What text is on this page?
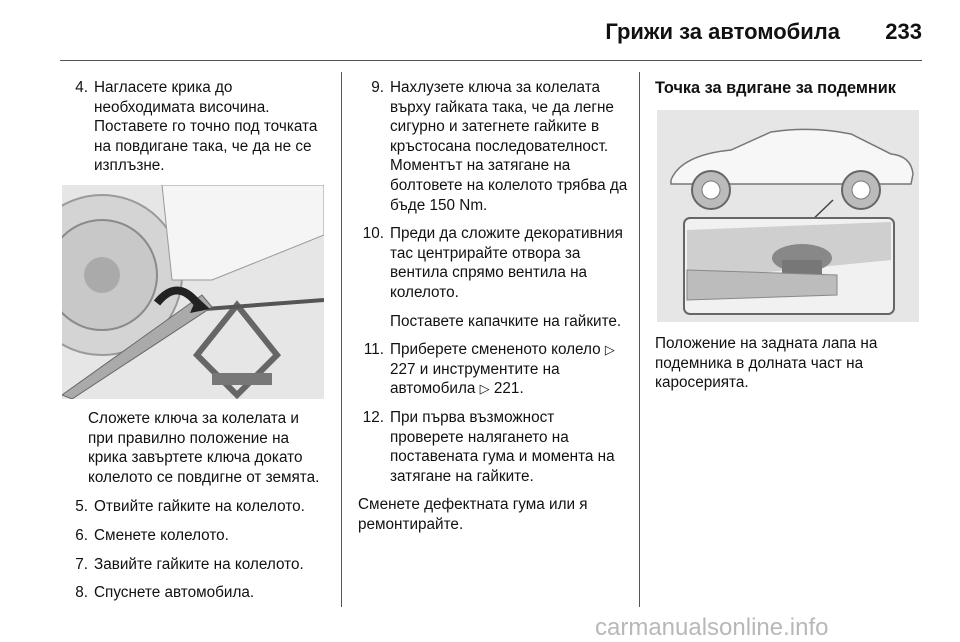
Грижи за автомобила 233
4. Нагласете крика до необходимата височина. Поставете го точно под точката на повдигане така, че да не се изплъзне.
Сложете ключа за колелата и при правилно положение на крика завъртете ключа докато колелото се повдигне от земята.
5. Отвийте гайките на колелото.
6. Сменете колелото.
7. Завийте гайките на колелото.
8. Спуснете автомобила.
9. Нахлузете ключа за колелата върху гайката така, че да легне сигурно и затегнете гайките в кръстосана последователност. Моментът на затягане на болтовете на колелото трябва да бъде 150 Nm.
10. Преди да сложите декоративния тас центрирайте отвора за вентила спрямо вентила на колелото.

Поставете капачките на гайките.

11. Приберете смененото колело ▷ 227 и инструментите на автомобила ▷ 221.
12. При първа възможност проверете налягането на поставената гума и момента на затягане на гайките.
Сменете дефектната гума или я ремонтирайте.
Точка за вдигане за подемник
Положение на задната лапа на подемника в долната част на каросерията.
carmanualsonline.info
